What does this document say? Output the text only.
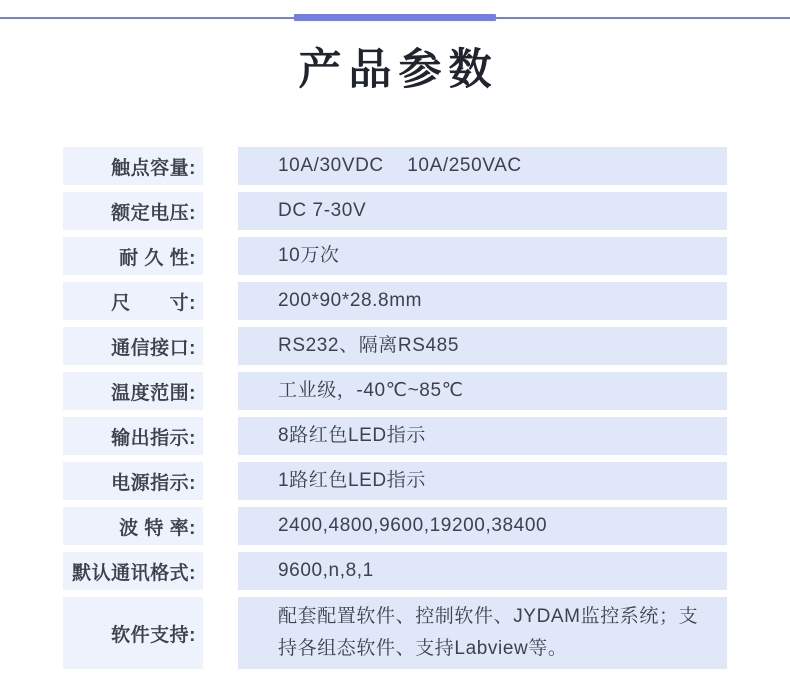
产品参数
触点容量:	10A/30VDC    10A/250VAC
额定电压:	DC 7-30V
耐 久 性:	10万次
尺　　寸:	200*90*28.8mm
通信接口:	RS232、隔离RS485
温度范围:	工业级，-40℃~85℃
输出指示:	8路红色LED指示
电源指示:	1路红色LED指示
波 特 率:	2400,4800,9600,19200,38400
默认通讯格式:	9600,n,8,1
软件支持:
配套配置软件、控制软件、JYDAM监控系统；支持各组态软件、支持Labview等。
